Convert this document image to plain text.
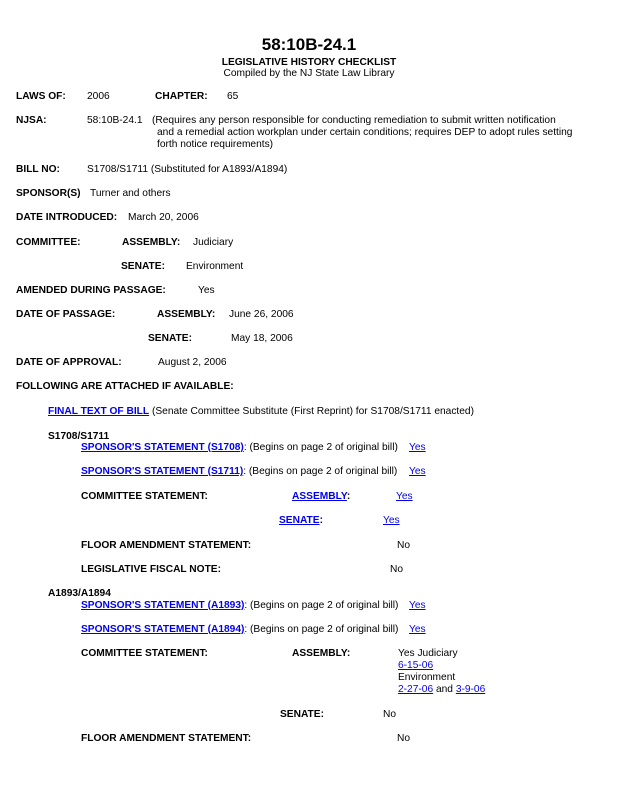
58:10B-24.1
LEGISLATIVE HISTORY CHECKLIST
Compiled by the NJ State Law Library
LAWS OF: 2006	CHAPTER: 65
NJSA:	58:10B-24.1 (Requires any person responsible for conducting remediation to submit written notification
and a remedial action workplan under certain conditions; requires DEP to adopt rules setting
forth notice requirements)
BILL NO:	S1708/S1711 (Substituted for A1893/A1894)
SPONSOR(S) Turner and others
DATE INTRODUCED: March 20, 2006
COMMITTEE:	ASSEMBLY: Judiciary
SENATE: Environment
AMENDED DURING PASSAGE:	Yes
DATE OF PASSAGE:	ASSEMBLY: June 26, 2006
SENATE:	May 18, 2006
DATE OF APPROVAL:	August 2, 2006
FOLLOWING ARE ATTACHED IF AVAILABLE:
FINAL TEXT OF BILL (Senate Committee Substitute (First Reprint) for S1708/S1711 enacted)
S1708/S1711
SPONSOR'S STATEMENT (S1708): (Begins on page 2 of original bill) Yes
SPONSOR'S STATEMENT (S1711): (Begins on page 2 of original bill) Yes
COMMITTEE STATEMENT:	ASSEMBLY:	Yes
SENATE:	Yes
FLOOR AMENDMENT STATEMENT:	No
LEGISLATIVE FISCAL NOTE:	No
A1893/A1894
SPONSOR'S STATEMENT (A1893): (Begins on page 2 of original bill) Yes
SPONSOR'S STATEMENT (A1894): (Begins on page 2 of original bill) Yes
COMMITTEE STATEMENT:	ASSEMBLY:	Yes Judiciary
6-15-06
Environment
2-27-06 and 3-9-06
SENATE:	No
FLOOR AMENDMENT STATEMENT:	No
